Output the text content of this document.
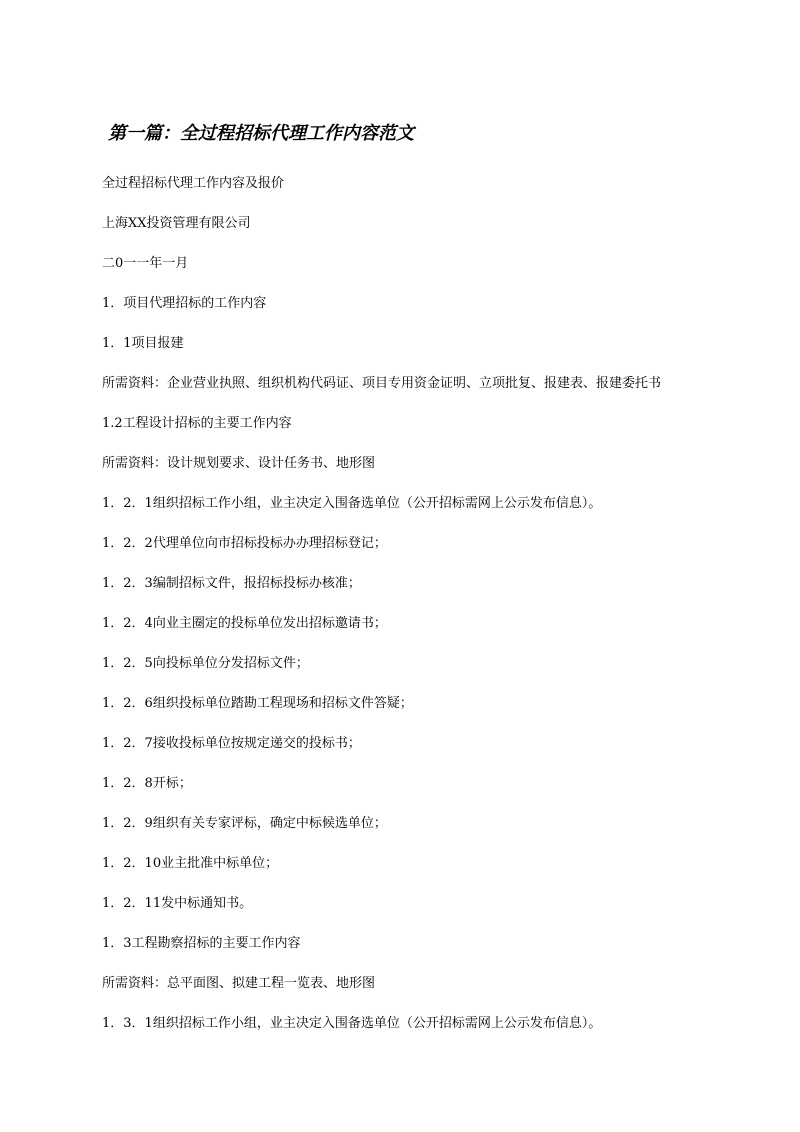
第一篇：全过程招标代理工作内容范文
全过程招标代理工作内容及报价
上海XX投资管理有限公司
二0一一年一月
1．项目代理招标的工作内容
1．1项目报建
所需资料：企业营业执照、组织机构代码证、项目专用资金证明、立项批复、报建表、报建委托书
1.2工程设计招标的主要工作内容
所需资料：设计规划要求、设计任务书、地形图
1．2．1组织招标工作小组，业主决定入围备选单位（公开招标需网上公示发布信息）。
1．2．2代理单位向市招标投标办办理招标登记；
1．2．3编制招标文件，报招标投标办核准；
1．2．4向业主圈定的投标单位发出招标邀请书；
1．2．5向投标单位分发招标文件；
1．2．6组织投标单位踏勘工程现场和招标文件答疑；
1．2．7接收投标单位按规定递交的投标书；
1．2．8开标；
1．2．9组织有关专家评标，确定中标候选单位；
1．2．10业主批准中标单位；
1．2．11发中标通知书。
1．3工程勘察招标的主要工作内容
所需资料：总平面图、拟建工程一览表、地形图
1．3．1组织招标工作小组，业主决定入围备选单位（公开招标需网上公示发布信息）。
